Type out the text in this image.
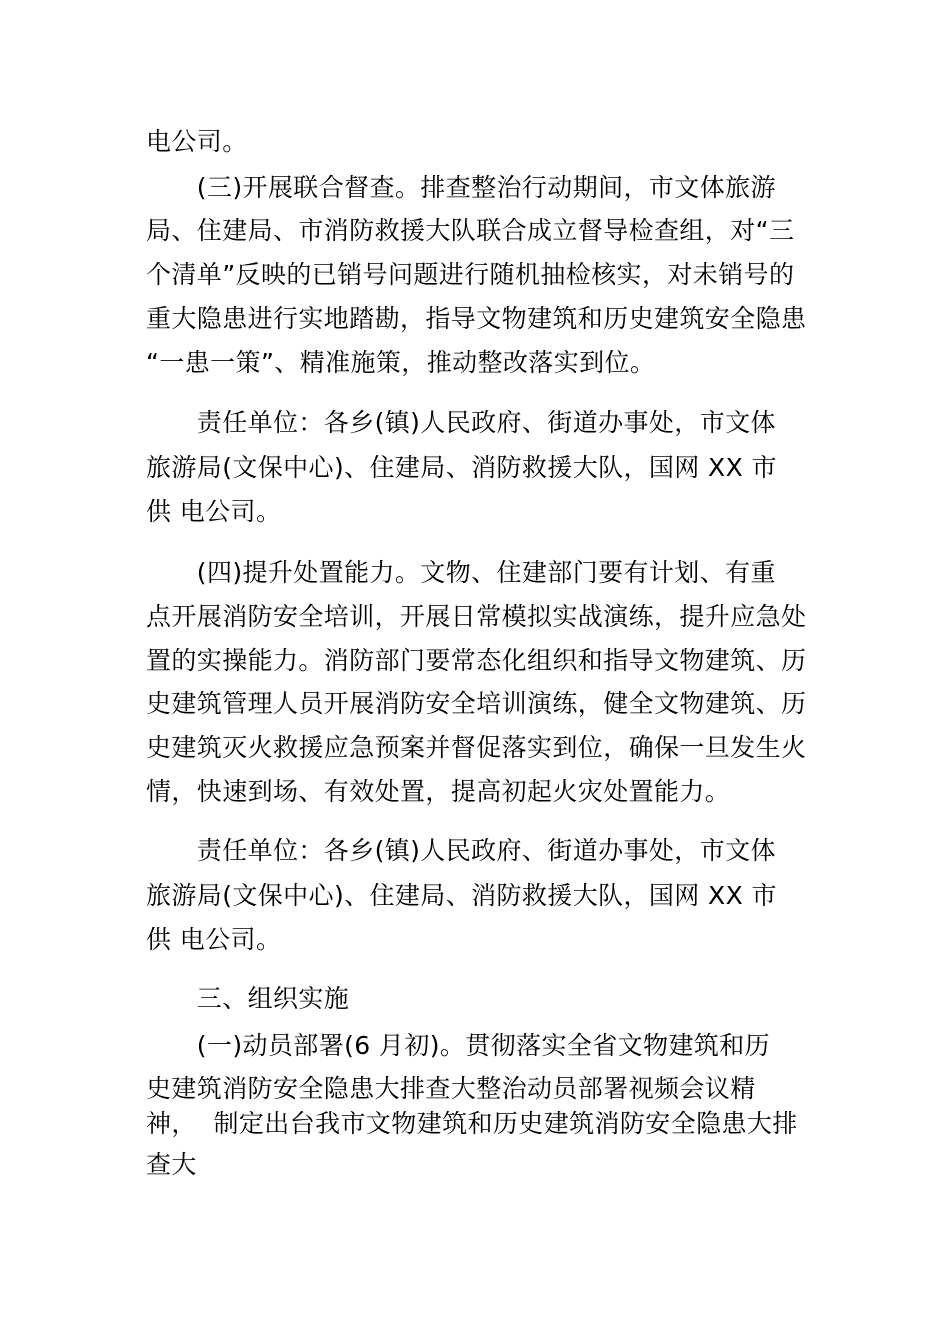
电公司。
　　(三)开展联合督查。排查整治行动期间，市文体旅游
局、住建局、市消防救援大队联合成立督导检查组，对“三
个清单”反映的已销号问题进行随机抽检核实，对未销号的
重大隐患进行实地踏勘，指导文物建筑和历史建筑安全隐患
“一患一策”、精准施策，推动整改落实到位。
　　责任单位：各乡(镇)人民政府、街道办事处，市文体
旅游局(文保中心)、住建局、消防救援大队，国网 XX 市
供 电公司。
　　(四)提升处置能力。文物、住建部门要有计划、有重
点开展消防安全培训，开展日常模拟实战演练，提升应急处
置的实操能力。消防部门要常态化组织和指导文物建筑、历
史建筑管理人员开展消防安全培训演练，健全文物建筑、历
史建筑灭火救援应急预案并督促落实到位，确保一旦发生火
情，快速到场、有效处置，提高初起火灾处置能力。
　　责任单位：各乡(镇)人民政府、街道办事处，市文体
旅游局(文保中心)、住建局、消防救援大队，国网 XX 市
供 电公司。
　　三、组织实施
　　(一)动员部署(6 月初)。贯彻落实全省文物建筑和历
史建筑消防安全隐患大排查大整治动员部署视频会议精
神，  制定出台我市文物建筑和历史建筑消防安全隐患大排
查大
